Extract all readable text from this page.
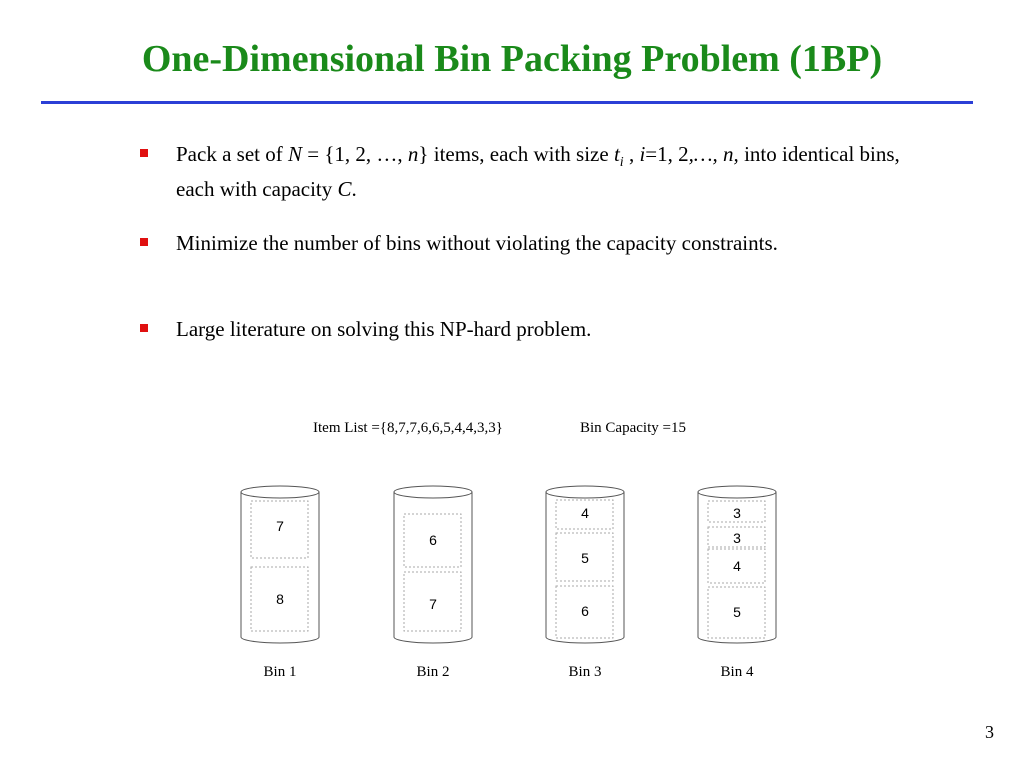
One-Dimensional Bin Packing Problem (1BP)
Pack a set of N = {1, 2, …, n} items, each with size $t_i$ , i=1, 2,…, n, into identical bins, each with capacity C.
Minimize the number of bins without violating the capacity constraints.
Large literature on solving this NP-hard problem.
Item List ={8,7,7,6,6,5,4,4,3,3}	Bin Capacity =15
7
8
6
7
4
5
6
3
3
4
5
Bin 1	Bin 2	Bin 3	Bin 4
3
